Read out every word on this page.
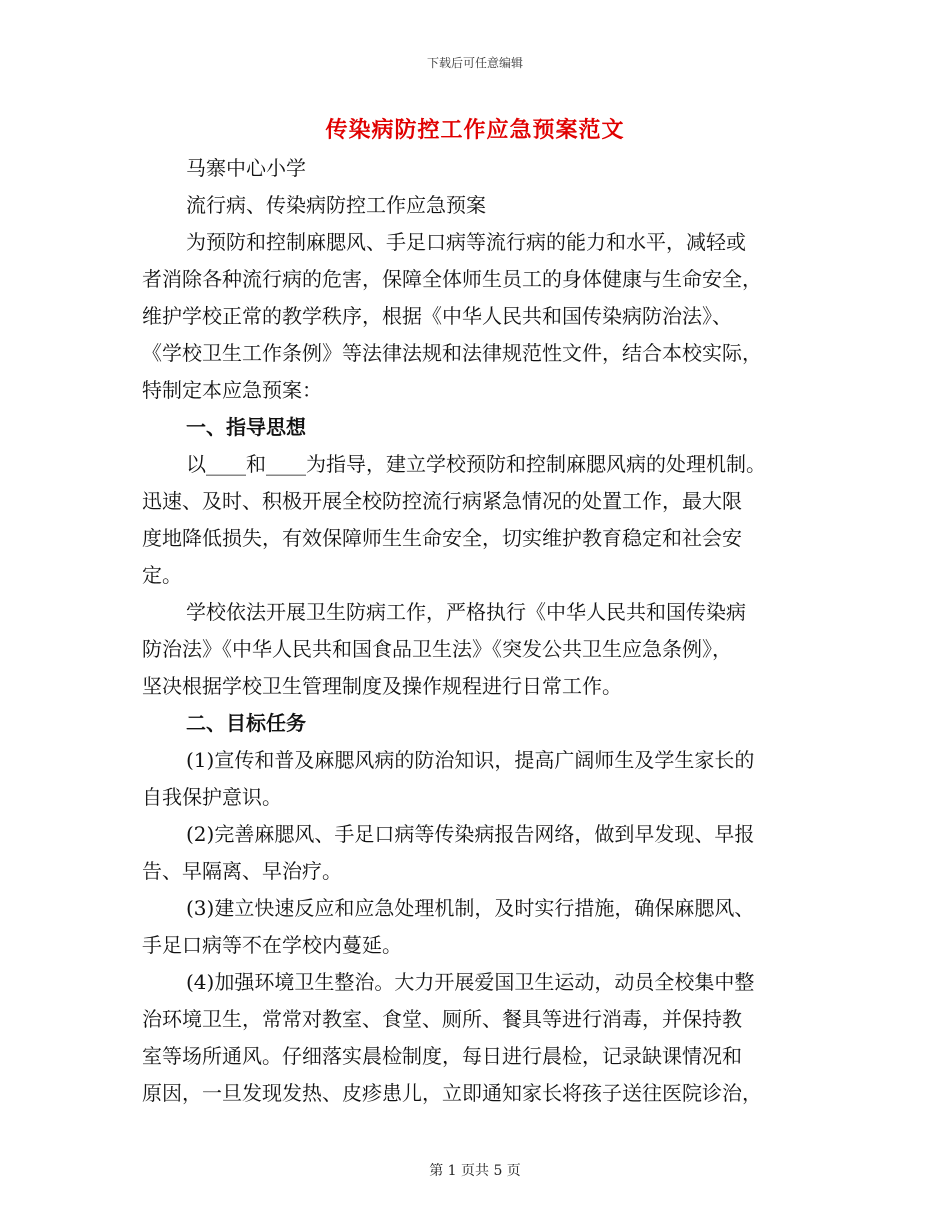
下载后可任意编辑
传染病防控工作应急预案范文
马寨中心小学
流行病、传染病防控工作应急预案
为预防和控制麻腮风、手足口病等流行病的能力和水平，减轻或
者消除各种流行病的危害，保障全体师生员工的身体健康与生命安全，
维护学校正常的教学秩序，根据《中华人民共和国传染病防治法》、
《学校卫生工作条例》等法律法规和法律规范性文件，结合本校实际，
特制定本应急预案：
一、指导思想
以____和____为指导，建立学校预防和控制麻腮风病的处理机制。
迅速、及时、积极开展全校防控流行病紧急情况的处置工作，最大限
度地降低损失，有效保障师生生命安全，切实维护教育稳定和社会安
定。
学校依法开展卫生防病工作，严格执行《中华人民共和国传染病
防治法》《中华人民共和国食品卫生法》《突发公共卫生应急条例》，
坚决根据学校卫生管理制度及操作规程进行日常工作。
二、目标任务
(1)宣传和普及麻腮风病的防治知识，提高广阔师生及学生家长的
自我保护意识。
(2)完善麻腮风、手足口病等传染病报告网络，做到早发现、早报
告、早隔离、早治疗。
(3)建立快速反应和应急处理机制，及时实行措施，确保麻腮风、
手足口病等不在学校内蔓延。
(4)加强环境卫生整治。大力开展爱国卫生运动，动员全校集中整
治环境卫生，常常对教室、食堂、厕所、餐具等进行消毒，并保持教
室等场所通风。仔细落实晨检制度，每日进行晨检，记录缺课情况和
原因，一旦发现发热、皮疹患儿，立即通知家长将孩子送往医院诊治，
第 1 页共 5 页
